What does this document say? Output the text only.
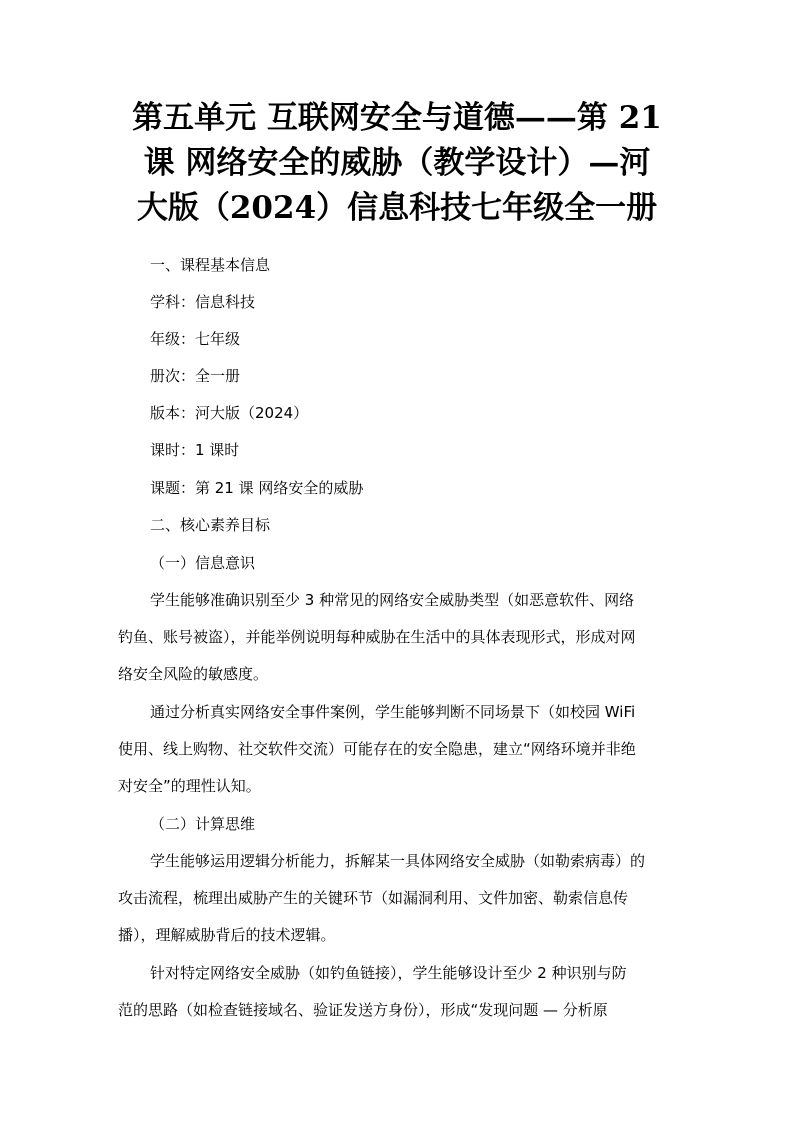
第五单元 互联网安全与道德——第 21
课 网络安全的威胁（教学设计）—河
大版（2024）信息科技七年级全一册
一、课程基本信息
学科：信息科技
年级：七年级
册次：全一册
版本：河大版（2024）
课时：1 课时
课题：第 21 课 网络安全的威胁
二、核心素养目标
（一）信息意识
学生能够准确识别至少 3 种常见的网络安全威胁类型（如恶意软件、网络
钓鱼、账号被盗），并能举例说明每种威胁在生活中的具体表现形式，形成对网
络安全风险的敏感度。
通过分析真实网络安全事件案例，学生能够判断不同场景下（如校园 WiFi
使用、线上购物、社交软件交流）可能存在的安全隐患，建立“网络环境并非绝
对安全”的理性认知。
（二）计算思维
学生能够运用逻辑分析能力，拆解某一具体网络安全威胁（如勒索病毒）的
攻击流程，梳理出威胁产生的关键环节（如漏洞利用、文件加密、勒索信息传
播），理解威胁背后的技术逻辑。
针对特定网络安全威胁（如钓鱼链接），学生能够设计至少 2 种识别与防
范的思路（如检查链接域名、验证发送方身份），形成“发现问题 — 分析原
